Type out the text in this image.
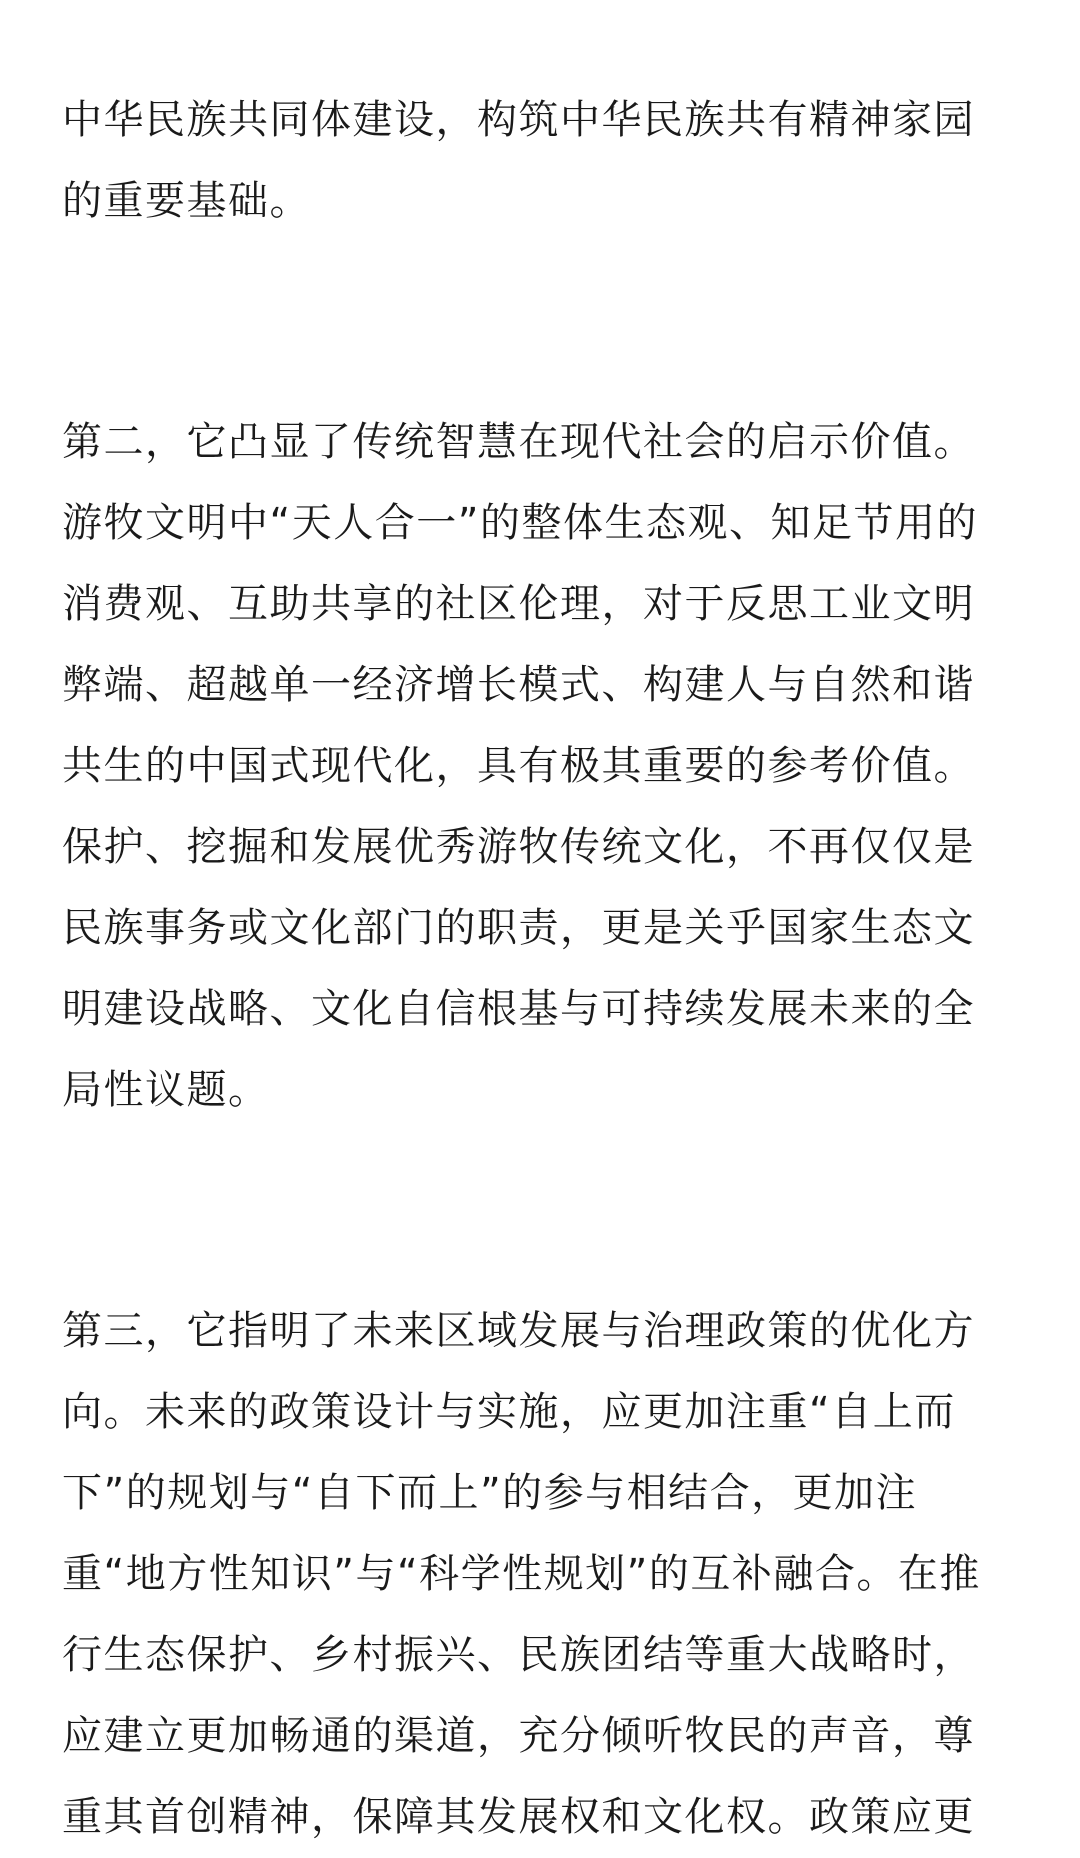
中华民族共同体建设，构筑中华民族共有精神家园
的重要基础。
第二，它凸显了传统智慧在现代社会的启示价值。
游牧文明中“天人合一”的整体生态观、知足节用的
消费观、互助共享的社区伦理，对于反思工业文明
弊端、超越单一经济增长模式、构建人与自然和谐
共生的中国式现代化，具有极其重要的参考价值。
保护、挖掘和发展优秀游牧传统文化，不再仅仅是
民族事务或文化部门的职责，更是关乎国家生态文
明建设战略、文化自信根基与可持续发展未来的全
局性议题。
第三，它指明了未来区域发展与治理政策的优化方
向。未来的政策设计与实施，应更加注重“自上而
下”的规划与“自下而上”的参与相结合，更加注
重“地方性知识”与“科学性规划”的互补融合。在推
行生态保护、乡村振兴、民族团结等重大战略时，
应建立更加畅通的渠道，充分倾听牧民的声音，尊
重其首创精神，保障其发展权和文化权。政策应更
